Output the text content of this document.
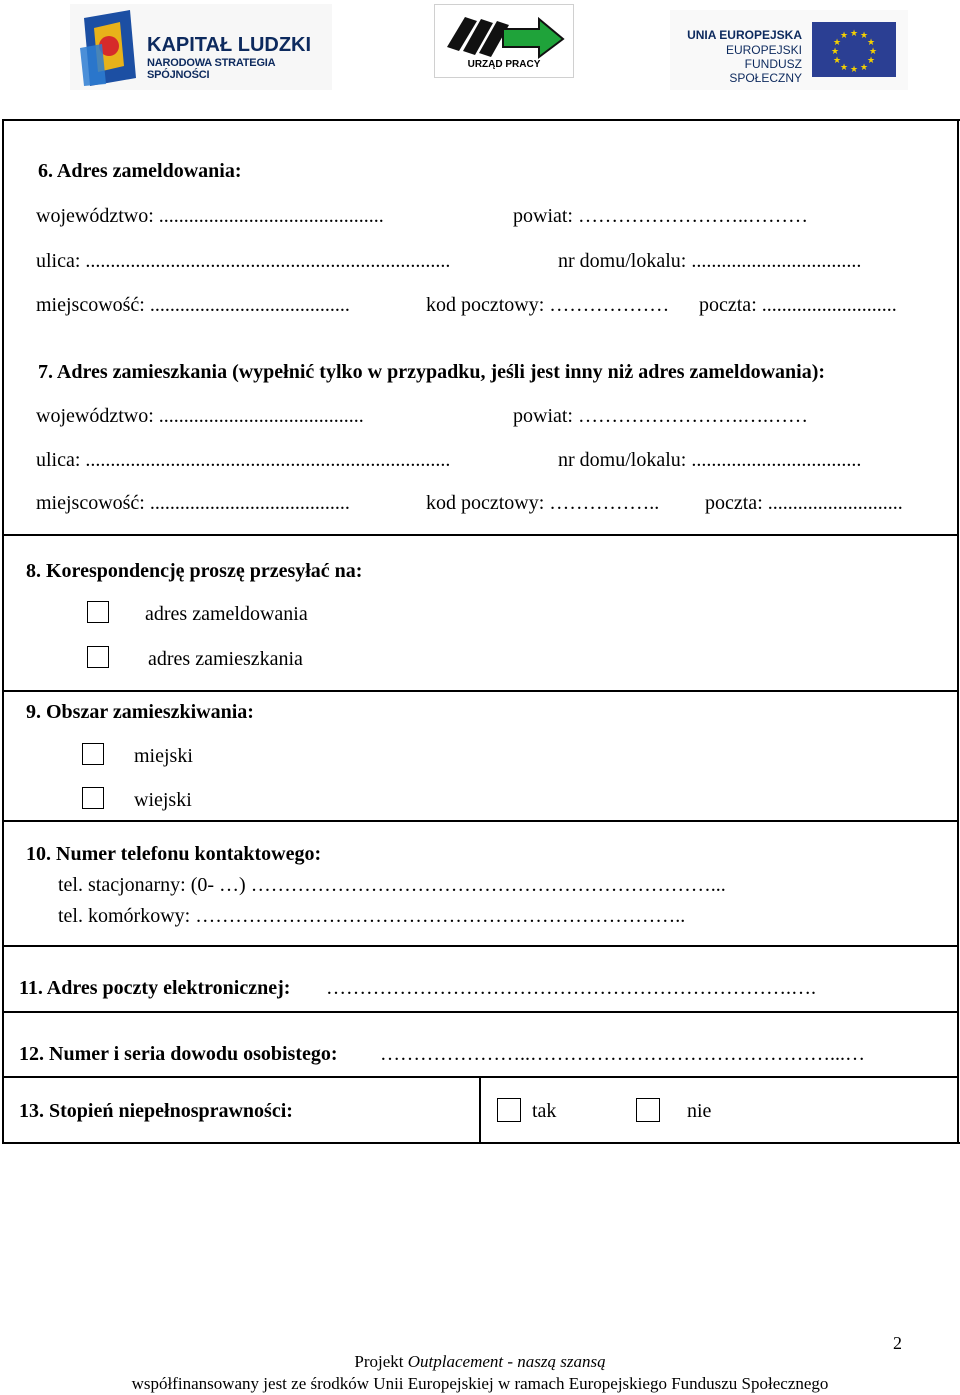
KAPITAŁ LUDZKI
NARODOWA STRATEGIA SPÓJNOŚCI
URZĄD PRACY
UNIA EUROPEJSKA
EUROPEJSKI
FUNDUSZ SPOŁECZNY
★ ★
★
★
★
★
★
★
★
★
★
★
6. Adres zameldowania:
województwo: .............................................	powiat: ……………………..………
ulica: .........................................................................	nr domu/lokalu: ..................................
miejscowość: ........................................	kod pocztowy: ……………… poczta: ...........................
7. Adres zamieszkania (wypełnić tylko w przypadku, jeśli jest inny niż adres zameldowania):
województwo: .........................................	powiat: …………………….….……
ulica: .........................................................................	nr domu/lokalu: ..................................
miejscowość: ........................................	kod pocztowy: …………….. poczta: ...........................
8. Korespondencję proszę przesyłać na:
adres zameldowania
adres zamieszkania
9. Obszar zamieszkiwania:
miejski
wiejski
10. Numer telefonu kontaktowego:
tel. stacjonarny: (0- …) ……………………………………………………………...
tel. komórkowy: ………………………………………………………………..
11. Adres poczty elektronicznej: …………………………………………………………….….
12. Numer i seria dowodu osobistego: …………………..………………………………………...…
13. Stopień niepełnosprawności:	tak	nie
2
Projekt Outplacement - naszą szansą
współfinansowany jest ze środków Unii Europejskiej w ramach Europejskiego Funduszu Społecznego
